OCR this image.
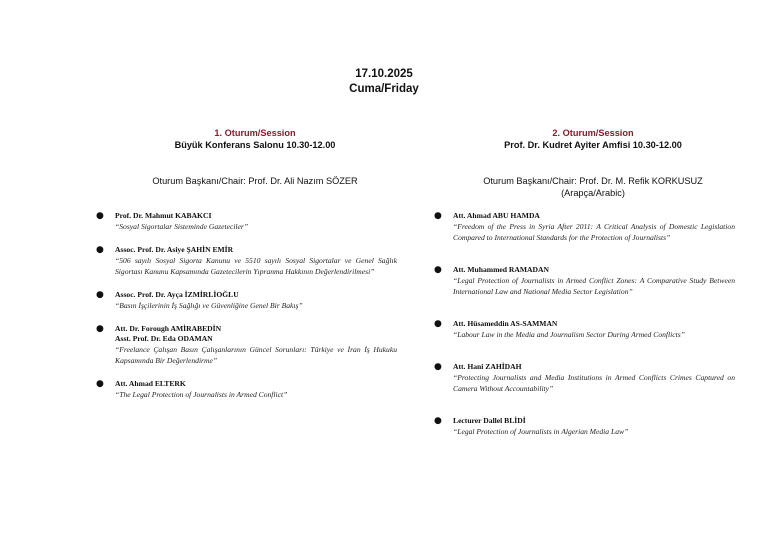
17.10.2025
Cuma/Friday
1. Oturum/Session
Büyük Konferans Salonu 10.30-12.00
Oturum Başkanı/Chair: Prof. Dr. Ali Nazım SÖZER
● Prof. Dr. Mahmut KABAKCI
“Sosyal Sigortalar Sisteminde Gazeteciler”
● Assoc. Prof. Dr. Asiye ŞAHİN EMİR
“506 sayılı Sosyal Sigorta Kanunu ve 5510 sayılı Sosyal Sigortalar ve Genel Sağlık Sigortası Kanunu Kapsamında Gazetecilerin Yıpranma Hakkının Değerlendirilmesi”
● Assoc. Prof. Dr. Ayça İZMİRLİOĞLU
“Basın İşçilerinin İş Sağlığı ve Güvenliğine Genel Bir Bakış”
● Att. Dr. Forough AMİRABEDİN
Asst. Prof. Dr. Eda ODAMAN
“Freelance Çalışan Basın Çalışanlarının Güncel Sorunları: Türkiye ve İran İş Hukuku Kapsamında Bir Değerlendirme”
● Att. Ahmad ELTERK
“The Legal Protection of Journalists in Armed Conflict”
2. Oturum/Session
Prof. Dr. Kudret Ayiter Amfisi 10.30-12.00
Oturum Başkanı/Chair: Prof. Dr. M. Refik KORKUSUZ
(Arapça/Arabic)
● Att. Ahmad ABU HAMDA
“Freedom of the Press in Syria After 2011: A Critical Analysis of Domestic Legislation Compared to International Standards for the Protection of Journalists”
● Att. Muhammed RAMADAN
“Legal Protection of Journalists in Armed Conflict Zones: A Comparative Study Between International Law and National Media Sector Legislation”
● Att. Hüsameddin AS-SAMMAN
“Labour Law in the Media and Journalism Sector During Armed Conflicts”
● Att. Hani ZAHİDAH
“Protecting Journalists and Media Institutions in Armed Conflicts Crimes Captured on Camera Without Accountability”
● Lecturer Dallel BLİDİ
“Legal Protection of Journalists in Algerian Media Law”
